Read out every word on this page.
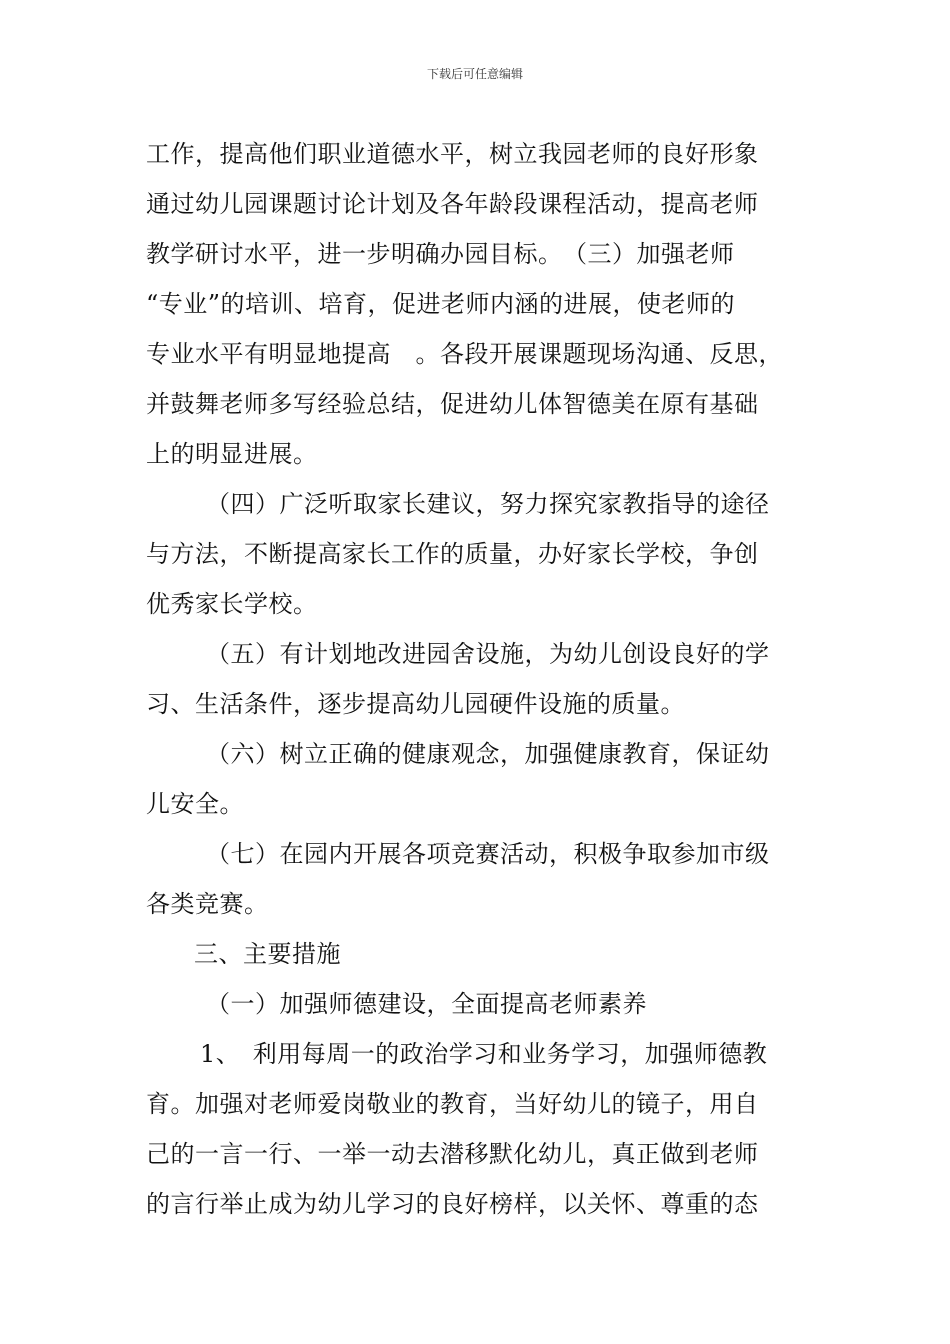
下载后可任意编辑
工作，提高他们职业道德水平，树立我园老师的良好形象
通过幼儿园课题讨论计划及各年龄段课程活动，提高老师
教学研讨水平，进一步明确办园目标。　（三）加强老师
“专业”的培训、培育，促进老师内涵的进展，使老师的
专业水平有明显地提高　。各段开展课题现场沟通、反思，
并鼓舞老师多写经验总结，促进幼儿体智德美在原有基础
上的明显进展。
（四）广泛听取家长建议，努力探究家教指导的途径
与方法，不断提高家长工作的质量，办好家长学校，争创
优秀家长学校。
（五）有计划地改进园舍设施，为幼儿创设良好的学
习、生活条件，逐步提高幼儿园硬件设施的质量。
（六）树立正确的健康观念，加强健康教育，保证幼
儿安全。
（七）在园内开展各项竞赛活动，积极争取参加市级
各类竞赛。
三、主要措施
（一）加强师德建设，全面提高老师素养
1、　利用每周一的政治学习和业务学习，加强师德教
育。加强对老师爱岗敬业的教育，当好幼儿的镜子，用自
己的一言一行、一举一动去潜移默化幼儿，真正做到老师
的言行举止成为幼儿学习的良好榜样，以关怀、尊重的态
